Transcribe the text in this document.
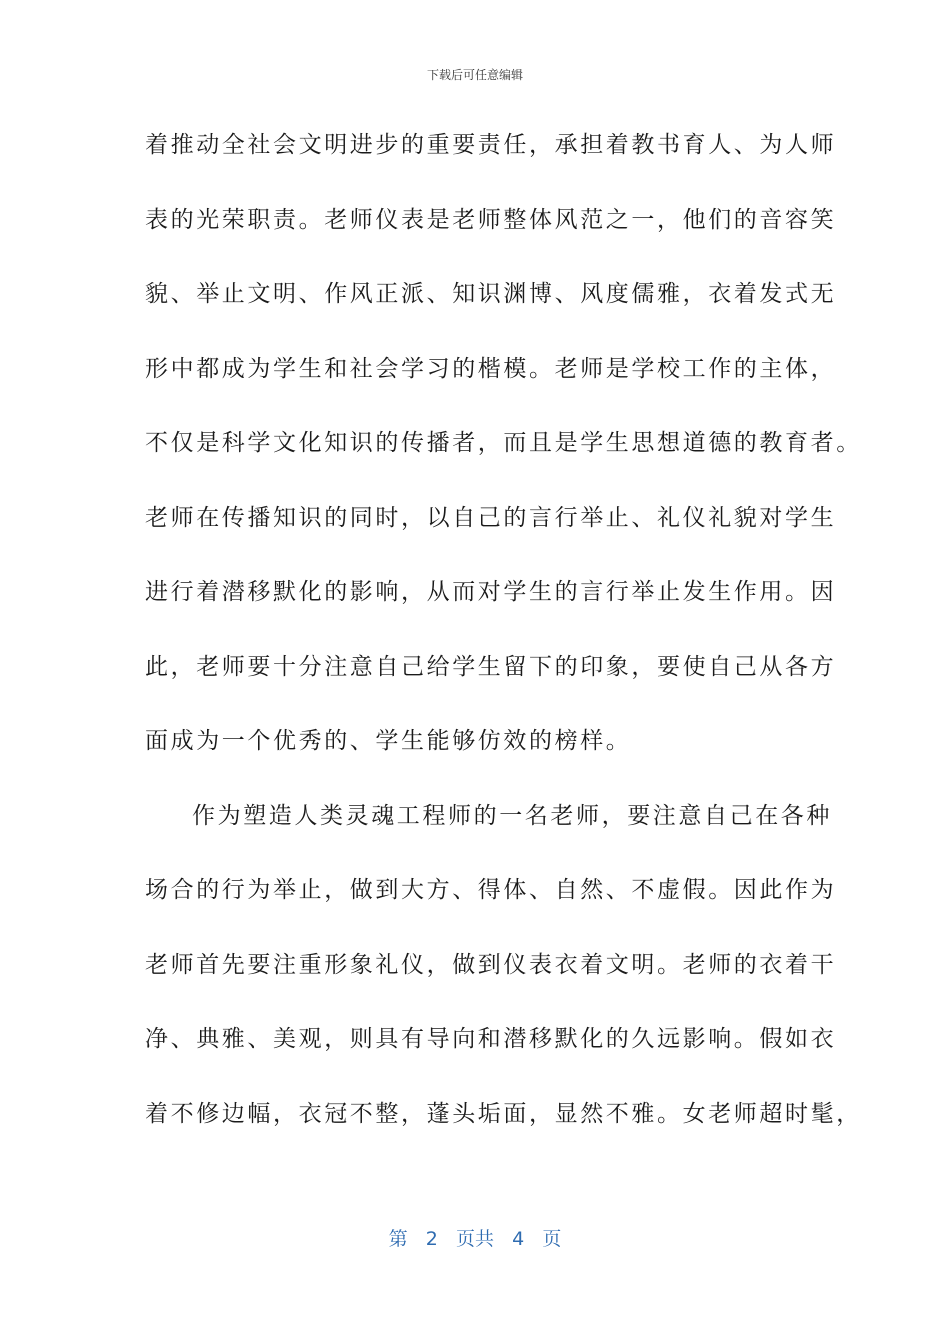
下载后可任意编辑
着推动全社会文明进步的重要责任，承担着教书育人、为人师
表的光荣职责。老师仪表是老师整体风范之一，他们的音容笑
貌、举止文明、作风正派、知识渊博、风度儒雅，衣着发式无
形中都成为学生和社会学习的楷模。老师是学校工作的主体，
不仅是科学文化知识的传播者，而且是学生思想道德的教育者。
老师在传播知识的同时，以自己的言行举止、礼仪礼貌对学生
进行着潜移默化的影响，从而对学生的言行举止发生作用。因
此，老师要十分注意自己给学生留下的印象，要使自己从各方
面成为一个优秀的、学生能够仿效的榜样。
作为塑造人类灵魂工程师的一名老师，要注意自己在各种
场合的行为举止，做到大方、得体、自然、不虚假。因此作为
老师首先要注重形象礼仪，做到仪表衣着文明。老师的衣着干
净、典雅、美观，则具有导向和潜移默化的久远影响。假如衣
着不修边幅，衣冠不整，蓬头垢面，显然不雅。女老师超时髦，
第 2 页共 4 页
